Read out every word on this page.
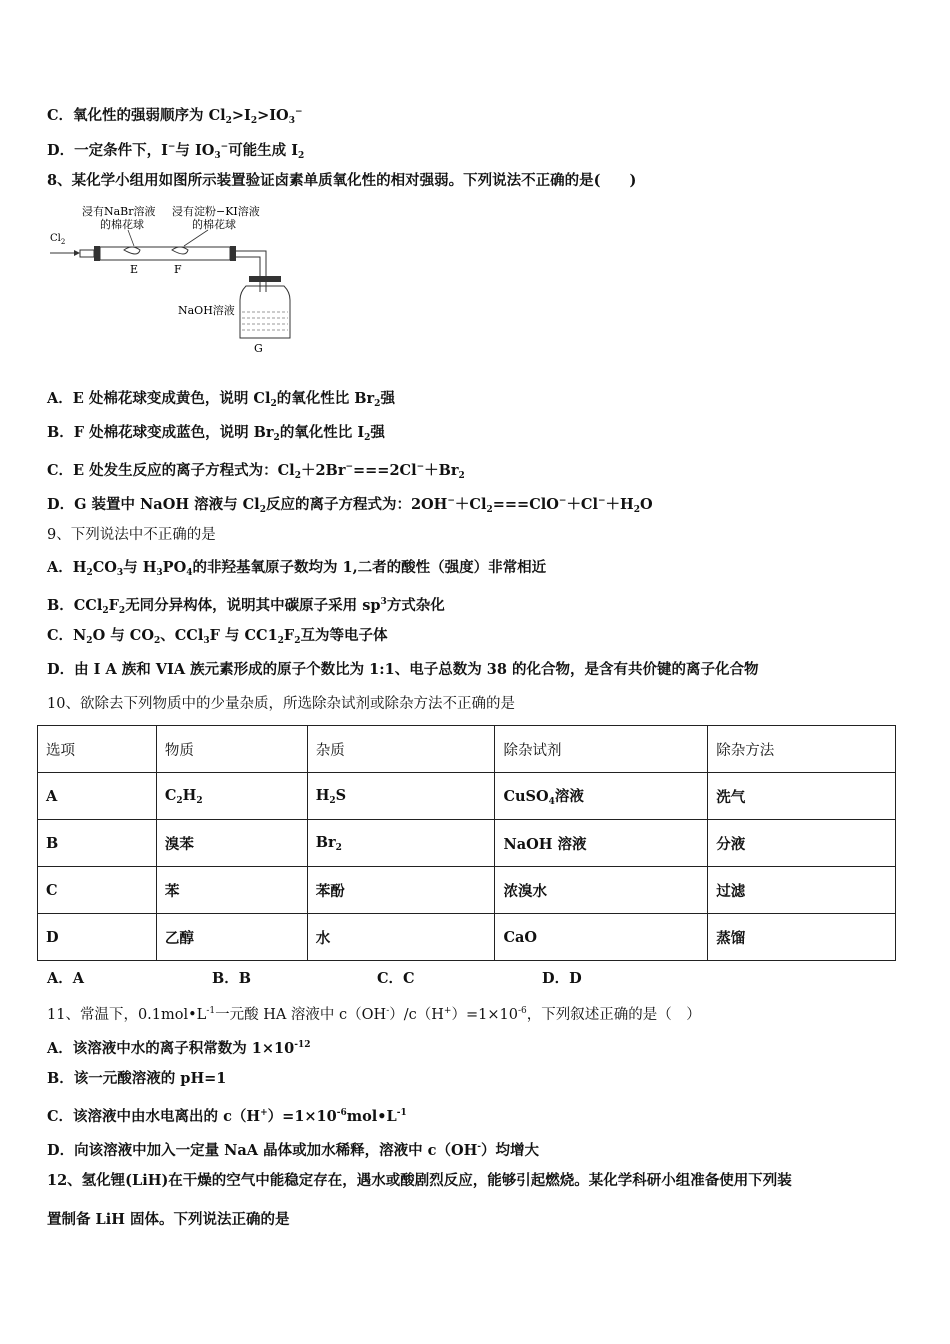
C．氧化性的强弱顺序为 $Cl_2>I_2>IO_3^-$
D．一定条件下，I−与 $IO_3^-$可能生成 $I_2$
8、某化学小组用如图所示装置验证卤素单质氧化性的相对强弱。下列说法不正确的是(　　)
浸有NaBr溶液
的棉花球
浸有淀粉−KI溶液
的棉花球
$Cl_2$
E	F
NaOH溶液
G
A．E 处棉花球变成黄色，说明 $Cl_2$的氧化性比 $Br_2$强
B．F 处棉花球变成蓝色，说明 $Br_2$的氧化性比 $I_2$强
C．E 处发生反应的离子方程式为：$Cl_2+2Br^-===2Cl^-+Br_2$
D．G 装置中 NaOH 溶液与 $Cl_2$反应的离子方程式为：$2OH^-+Cl_2===ClO^-+Cl^-+H_2O$
9、下列说法中不正确的是
A．$H_2CO_3$与 $H_3PO_4$的非羟基氧原子数均为 1,二者的酸性（强度）非常相近
B．$CCl_2F_2$无同分异构体，说明其中碳原子采用 $sp^3$方式杂化
C．$N_2O$ 与 $CO_2$、CCl$_3$F 与 $CC1_2F_2$互为等电子体
D．由 I A 族和 VIA 族元素形成的原子个数比为 1:1、电子总数为 38 的化合物，是含有共价键的离子化合物
10、欲除去下列物质中的少量杂质，所选除杂试剂或除杂方法不正确的是
选项	物质	杂质	除杂试剂	除杂方法
A	$C_2H_2$	$H_2S$	CuSO$_4$溶液	洗气
B	溴苯	$Br_2$	NaOH 溶液	分液
C	苯	苯酚	浓溴水	过滤
D	乙醇	水	CaO	蒸馏
A．A	B．B	C．C	D．D
11、常温下，$0.1mol•L^{-1}$一元酸 HA 溶液中 $c(OH^-)/c(H^+)=1\times 10^{-6}$，下列叙述正确的是（　）
A．该溶液中水的离子积常数为 $1\times 10^{-12}$
B．该一元酸溶液的 pH=1
C．该溶液中由水电离出的 $c(H^+)=1\times 10^{-6}mol•L^{-1}$
D．向该溶液中加入一定量 NaA 晶体或加水稀释，溶液中 c（OH-）均增大
12、氢化锂(LiH)在干燥的空气中能稳定存在，遇水或酸剧烈反应，能够引起燃烧。某化学科研小组准备使用下列装
置制备 LiH 固体。下列说法正确的是
